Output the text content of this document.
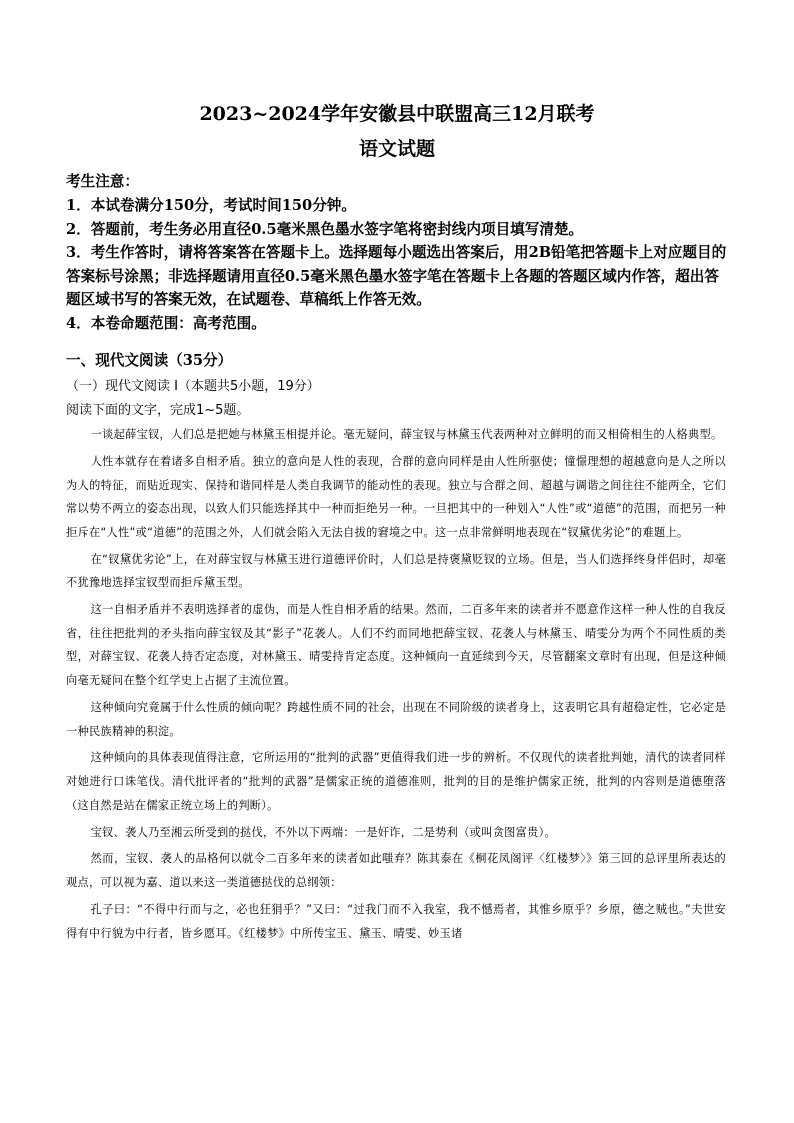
2023~2024学年安徽县中联盟高三12月联考
语文试题
考生注意：

1．本试卷满分150分，考试时间150分钟。

2．答题前，考生务必用直径0.5毫米黑色墨水签字笔将密封线内项目填写清楚。

3．考生作答时，请将答案答在答题卡上。选择题每小题选出答案后，用2B铅笔把答题卡上对应题目的答案标号涂黑；非选择题请用直径0.5毫米黑色墨水签字笔在答题卡上各题的答题区域内作答，超出答题区域书写的答案无效，在试题卷、草稿纸上作答无效。

4．本卷命题范围：高考范围。

一、现代文阅读（35分）
（一）现代文阅读 I（本题共5小题，19分）
阅读下面的文字，完成1~5题。

一谈起薛宝钗，人们总是把她与林黛玉相提并论。毫无疑问，薛宝钗与林黛玉代表两种对立鲜明的而又相倚相生的人格典型。

人性本就存在着诸多自相矛盾。独立的意向是人性的表现，合群的意向同样是由人性所驱使；憧憬理想的超越意向是人之所以为人的特征，而贴近现实、保持和谐同样是人类自我调节的能动性的表现。独立与合群之间、超越与调谐之间往往不能两全，它们常以势不两立的姿态出现，以致人们只能选择其中一种而拒绝另一种。一旦把其中的一种划入“人性”或“道德”的范围，而把另一种拒斥在“人性”或“道德”的范围之外，人们就会陷入无法自拔的窘境之中。这一点非常鲜明地表现在“钗黛优劣论”的难题上。

在“钗黛优劣论”上，在对薛宝钗与林黛玉进行道德评价时，人们总是持褒黛贬钗的立场。但是，当人们选择终身伴侣时，却毫不犹豫地选择宝钗型而拒斥黛玉型。

这一自相矛盾并不表明选择者的虚伪，而是人性自相矛盾的结果。然而，二百多年来的读者并不愿意作这样一种人性的自我反省，往往把批判的矛头指向薛宝钗及其“影子”花袭人。人们不约而同地把薛宝钗、花袭人与林黛玉、晴雯分为两个不同性质的类型，对薛宝钗、花袭人持否定态度，对林黛玉、晴雯持肯定态度。这种倾向一直延续到今天，尽管翻案文章时有出现，但是这种倾向毫无疑问在整个红学史上占据了主流位置。

这种倾向究竟属于什么性质的倾向呢？跨越性质不同的社会，出现在不同阶级的读者身上，这表明它具有超稳定性，它必定是一种民族精神的积淀。

这种倾向的具体表现值得注意，它所运用的“批判的武器”更值得我们进一步的辨析。不仅现代的读者批判她，清代的读者同样对她进行口诛笔伐。清代批评者的“批判的武器”是儒家正统的道德准则，批判的目的是维护儒家正统，批判的内容则是道德堕落（这自然是站在儒家正统立场上的判断）。

宝钗、袭人乃至湘云所受到的挞伐，不外以下两端：一是奸诈，二是势利（或叫贪图富贵）。

然而，宝钗、袭人的品格何以就令二百多年来的读者如此嗤弃？陈其泰在《桐花凤阁评〈红楼梦〉》第三回的总评里所表达的观点，可以视为嘉、道以来这一类道德挞伐的总纲领：

孔子曰：“不得中行而与之，必也狂狷乎？”又曰：“过我门而不入我室，我不憾焉者，其惟乡原乎？乡原，德之贼也。”夫世安得有中行貌为中行者，皆乡愿耳。《红楼梦》中所传宝玉、黛玉、晴雯、妙玉诸
